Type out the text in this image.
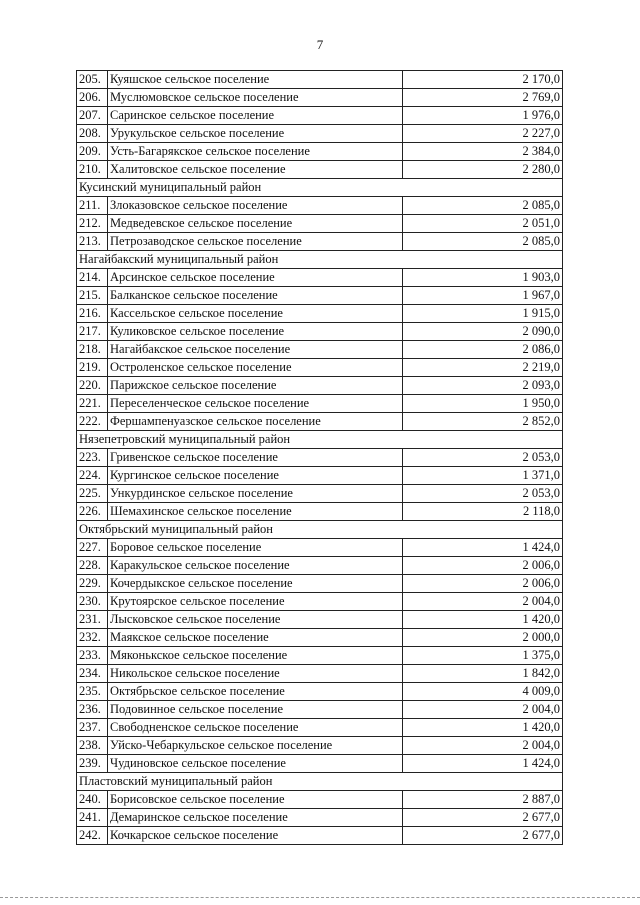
7
205.	Куяшское сельское поселение	2 170,0
206.	Муслюмовское сельское поселение	2 769,0
207.	Саринское сельское поселение	1 976,0
208.	Урукульское сельское поселение	2 227,0
209.	Усть-Багарякское сельское поселение	2 384,0
210.	Халитовское сельское поселение	2 280,0
Кусинский муниципальный район		
211.	Злоказовское сельское поселение	2 085,0
212.	Медведевское сельское поселение	2 051,0
213.	Петрозаводское сельское поселение	2 085,0
Нагайбакский муниципальный район		
214.	Арсинское сельское поселение	1 903,0
215.	Балканское сельское поселение	1 967,0
216.	Кассельское сельское поселение	1 915,0
217.	Куликовское сельское поселение	2 090,0
218.	Нагайбакское сельское поселение	2 086,0
219.	Остроленское сельское поселение	2 219,0
220.	Парижское сельское поселение	2 093,0
221.	Переселенческое сельское поселение	1 950,0
222.	Фершампенуазское сельское поселение	2 852,0
Нязепетровский муниципальный район		
223.	Гривенское сельское поселение	2 053,0
224.	Кургинское сельское поселение	1 371,0
225.	Ункурдинское сельское поселение	2 053,0
226.	Шемахинское сельское поселение	2 118,0
Октябрьский муниципальный район		
227.	Боровое сельское поселение	1 424,0
228.	Каракульское сельское поселение	2 006,0
229.	Кочердыкское сельское поселение	2 006,0
230.	Крутоярское сельское поселение	2 004,0
231.	Лысковское сельское поселение	1 420,0
232.	Маякское сельское поселение	2 000,0
233.	Мяконькское сельское поселение	1 375,0
234.	Никольское сельское поселение	1 842,0
235.	Октябрьское сельское поселение	4 009,0
236.	Подовинное сельское поселение	2 004,0
237.	Свободненское сельское поселение	1 420,0
238.	Уйско-Чебаркульское сельское поселение	2 004,0
239.	Чудиновское сельское поселение	1 424,0
Пластовский муниципальный район		
240.	Борисовское сельское поселение	2 887,0
241.	Демаринское сельское поселение	2 677,0
242.	Кочкарское сельское поселение	2 677,0
